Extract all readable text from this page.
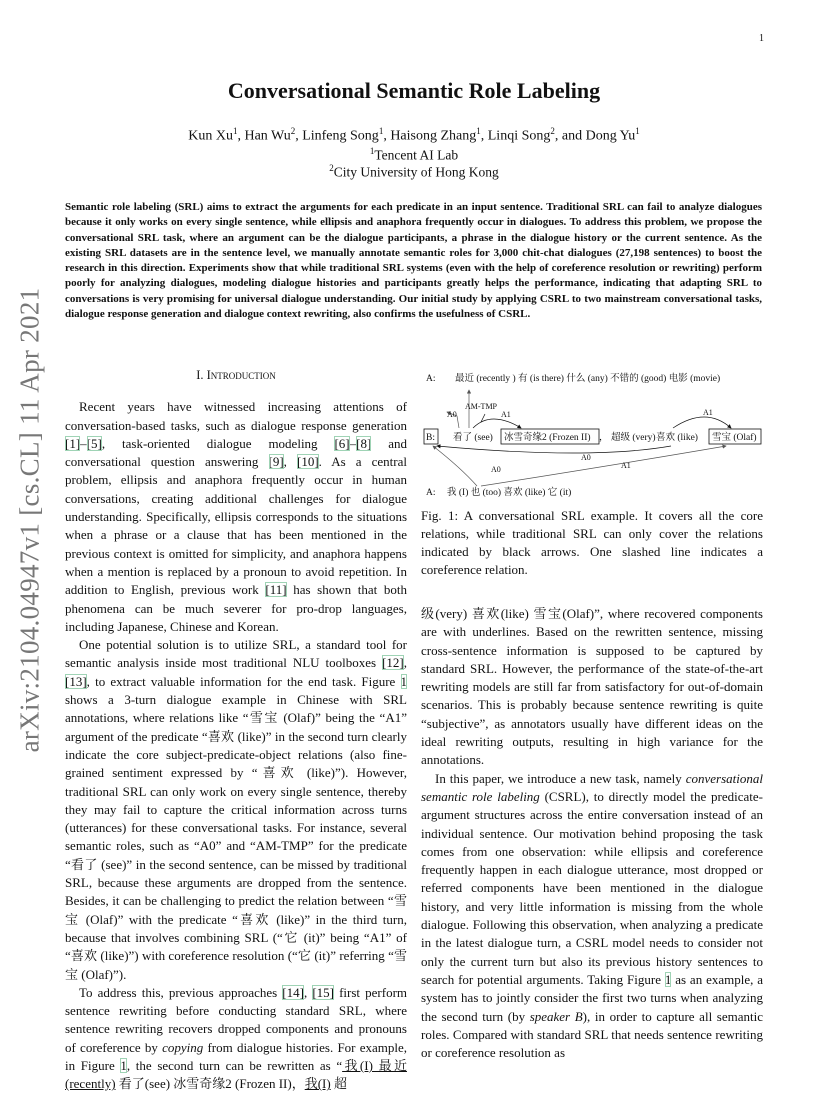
1
arXiv:2104.04947v1 [cs.CL] 11 Apr 2021
Conversational Semantic Role Labeling
Kun Xu$^1$, Han Wu$^2$, Linfeng Song$^1$, Haisong Zhang$^1$, Linqi Song$^2$, and Dong Yu$^1$
$^1$Tencent AI Lab
$^2$City University of Hong Kong
Semantic role labeling (SRL) aims to extract the arguments for each predicate in an input sentence. Traditional SRL can fail to analyze dialogues because it only works on every single sentence, while ellipsis and anaphora frequently occur in dialogues. To address this problem, we propose the conversational SRL task, where an argument can be the dialogue participants, a phrase in the dialogue history or the current sentence. As the existing SRL datasets are in the sentence level, we manually annotate semantic roles for 3,000 chit-chat dialogues (27,198 sentences) to boost the research in this direction. Experiments show that while traditional SRL systems (even with the help of coreference resolution or rewriting) perform poorly for analyzing dialogues, modeling dialogue histories and participants greatly helps the performance, indicating that adapting SRL to conversations is very promising for universal dialogue understanding. Our initial study by applying CSRL to two mainstream conversational tasks, dialogue response generation and dialogue context rewriting, also confirms the usefulness of CSRL.

I. Introduction

Recent years have witnessed increasing attentions of conversation-based tasks, such as dialogue response generation [1]–[5], task-oriented dialogue modeling [6]–[8] and conversational question answering [9], [10]. As a central problem, ellipsis and anaphora frequently occur in human conversations, creating additional challenges for dialogue understanding. Specifically, ellipsis corresponds to the situations when a phrase or a clause that has been mentioned in the previous context is omitted for simplicity, and anaphora happens when a mention is replaced by a pronoun to avoid repetition. In addition to English, previous work [11] has shown that both phenomena can be much severer for pro-drop languages, including Japanese, Chinese and Korean.

One potential solution is to utilize SRL, a standard tool for semantic analysis inside most traditional NLU toolboxes [12], [13], to extract valuable information for the end task. Figure 1 shows a 3-turn dialogue example in Chinese with SRL annotations, where relations like “雪宝 (Olaf)” being the “A1” argument of the predicate “喜欢 (like)” in the second turn clearly indicate the core subject-predicate-object relations (also fine-grained sentiment expressed by “喜欢 (like)”). However, traditional SRL can only work on every single sentence, thereby they may fail to capture the critical information across turns (utterances) for these conversational tasks. For instance, several semantic roles, such as “A0” and “AM-TMP” for the predicate “看了 (see)” in the second sentence, can be missed by traditional SRL, because these arguments are dropped from the sentence. Besides, it can be challenging to predict the relation between “雪宝 (Olaf)” with the predicate “喜欢 (like)” in the third turn, because that involves combining SRL (“它 (it)” being “A1” of “喜欢 (like)”) with coreference resolution (“它 (it)” referring “雪宝 (Olaf)”).

To address this, previous approaches [14], [15] first perform sentence rewriting before conducting standard SRL, where sentence rewriting recovers dropped components and pronouns of coreference by copying from dialogue histories. For example, in Figure 1, the second turn can be rewritten as “我(I) 最近(recently) 看了(see) 冰雪奇缘2 (Frozen II)，我(I) 超

A: 最近 (recently ) 有 (is there) 什么 (any) 不错的 (good) 电影 (movie)
B: 看了 (see) 冰雪奇缘2 (Frozen II) ， 超级 (very) 喜欢 (like) 雪宝 (Olaf)
A: 我 (I) 也 (too) 喜欢 (like) 它 (it)
A0
AM-TMP
A1	A1
A0
A1
A0
Fig. 1: A conversational SRL example. It covers all the core relations, while traditional SRL can only cover the relations indicated by black arrows. One slashed line indicates a coreference relation.

级(very) 喜欢(like) 雪宝(Olaf)”, where recovered components are with underlines. Based on the rewritten sentence, missing cross-sentence information is supposed to be captured by standard SRL. However, the performance of the state-of-the-art rewriting models are still far from satisfactory for out-of-domain scenarios. This is probably because sentence rewriting is quite “subjective”, as annotators usually have different ideas on the ideal rewriting outputs, resulting in high variance for the annotations.

In this paper, we introduce a new task, namely conversational semantic role labeling (CSRL), to directly model the predicate-argument structures across the entire conversation instead of an individual sentence. Our motivation behind proposing the task comes from one observation: while ellipsis and coreference frequently happen in each dialogue utterance, most dropped or referred components have been mentioned in the dialogue history, and very little information is missing from the whole dialogue. Following this observation, when analyzing a predicate in the latest dialogue turn, a CSRL model needs to consider not only the current turn but also its previous history sentences to search for potential arguments. Taking Figure 1 as an example, a system has to jointly consider the first two turns when analyzing the second turn (by speaker B), in order to capture all semantic roles. Compared with standard SRL that needs sentence rewriting or coreference resolution as
